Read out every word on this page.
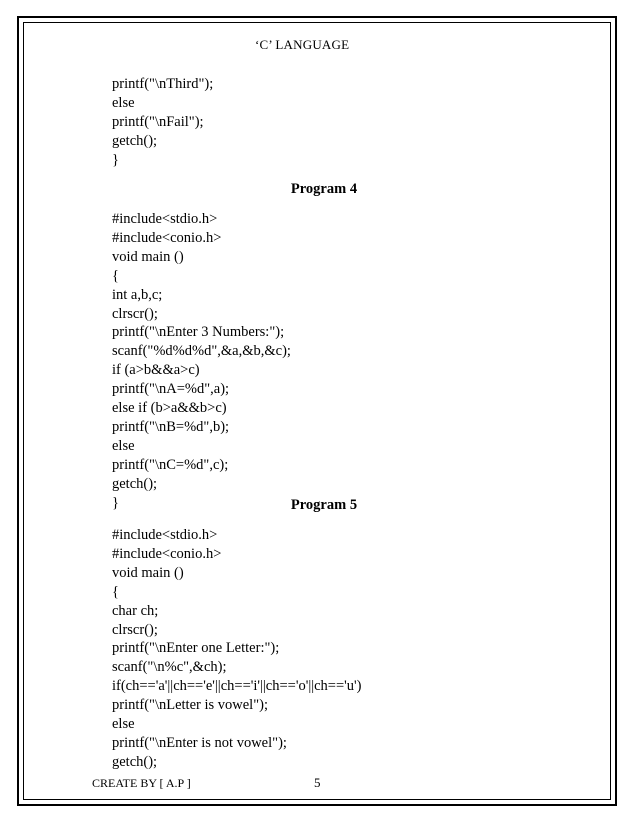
‘C’ LANGUAGE
printf("\nThird");
else
printf("\nFail");
getch();
}
Program 4
#include<stdio.h>
#include<conio.h>
void main ()
{
int a,b,c;
clrscr();
printf("\nEnter 3 Numbers:");
scanf("%d%d%d",&a,&b,&c);
if (a>b&&a>c)
printf("\nA=%d",a);
else if (b>a&&b>c)
printf("\nB=%d",b);
else
printf("\nC=%d",c);
getch();
}	Program 5
#include<stdio.h>
#include<conio.h>
void main ()
{
char ch;
clrscr();
printf("\nEnter one Letter:");
scanf("\n%c",&ch);
if(ch=='a'||ch=='e'||ch=='i'||ch=='o'||ch=='u')
printf("\nLetter is vowel");
else
printf("\nEnter is not vowel");
getch();
CREATE BY [ A.P ]	5
